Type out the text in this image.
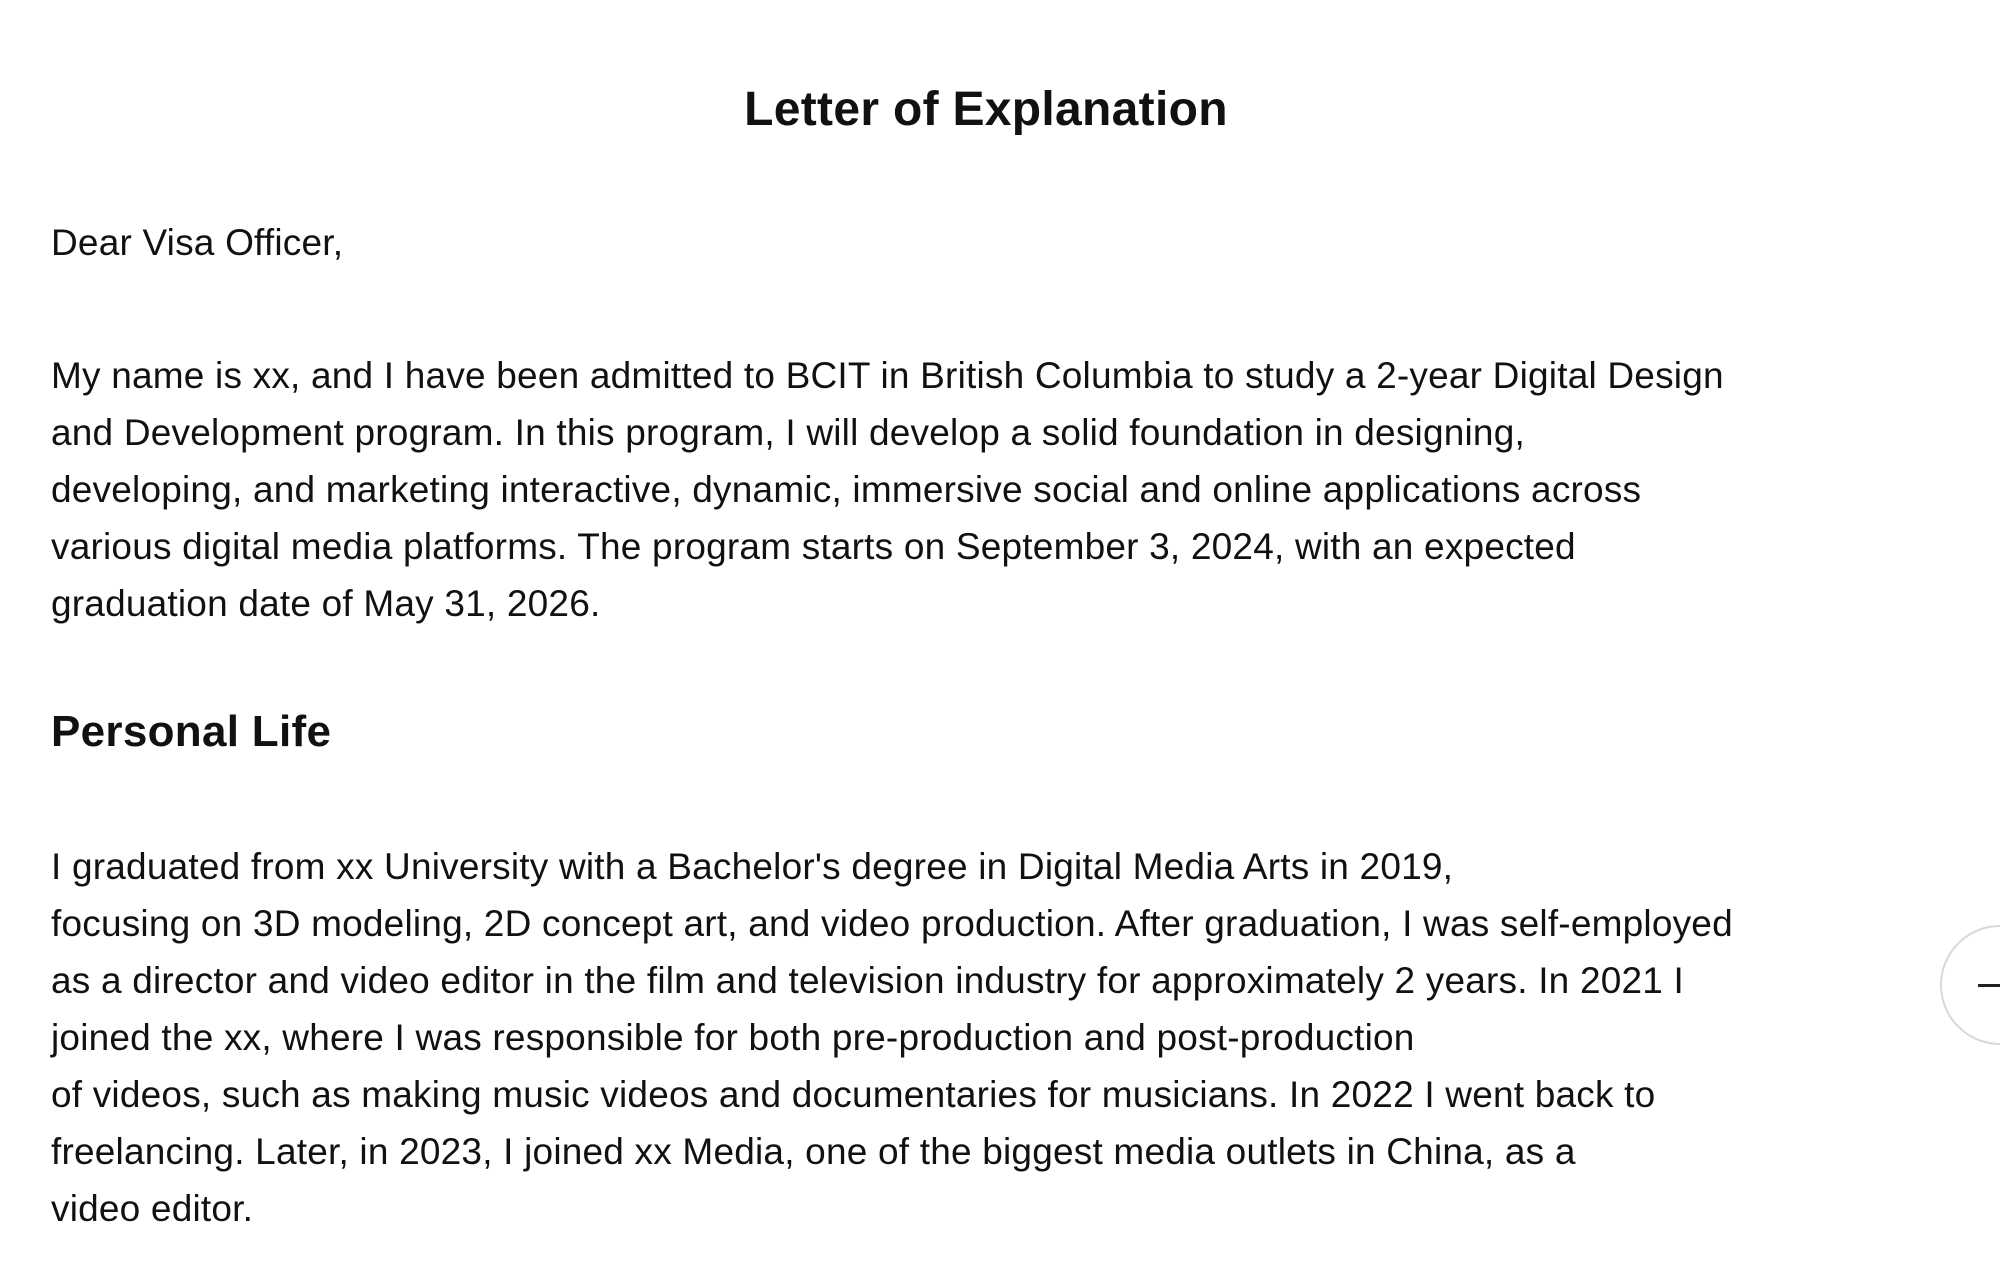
Letter of Explanation
Dear Visa Officer,
My name is xx, and I have been admitted to BCIT in British Columbia to study a 2-year Digital Design
and Development program. In this program, I will develop a solid foundation in designing,
developing, and marketing interactive, dynamic, immersive social and online applications across
various digital media platforms. The program starts on September 3, 2024, with an expected
graduation date of May 31, 2026.
Personal Life
I graduated from xx University with a Bachelor's degree in Digital Media Arts in 2019,
focusing on 3D modeling, 2D concept art, and video production. After graduation, I was self-employed
as a director and video editor in the film and television industry for approximately 2 years. In 2021 I
joined the xx, where I was responsible for both pre-production and post-production
of videos, such as making music videos and documentaries for musicians. In 2022 I went back to
freelancing. Later, in 2023, I joined xx Media, one of the biggest media outlets in China, as a
video editor.
